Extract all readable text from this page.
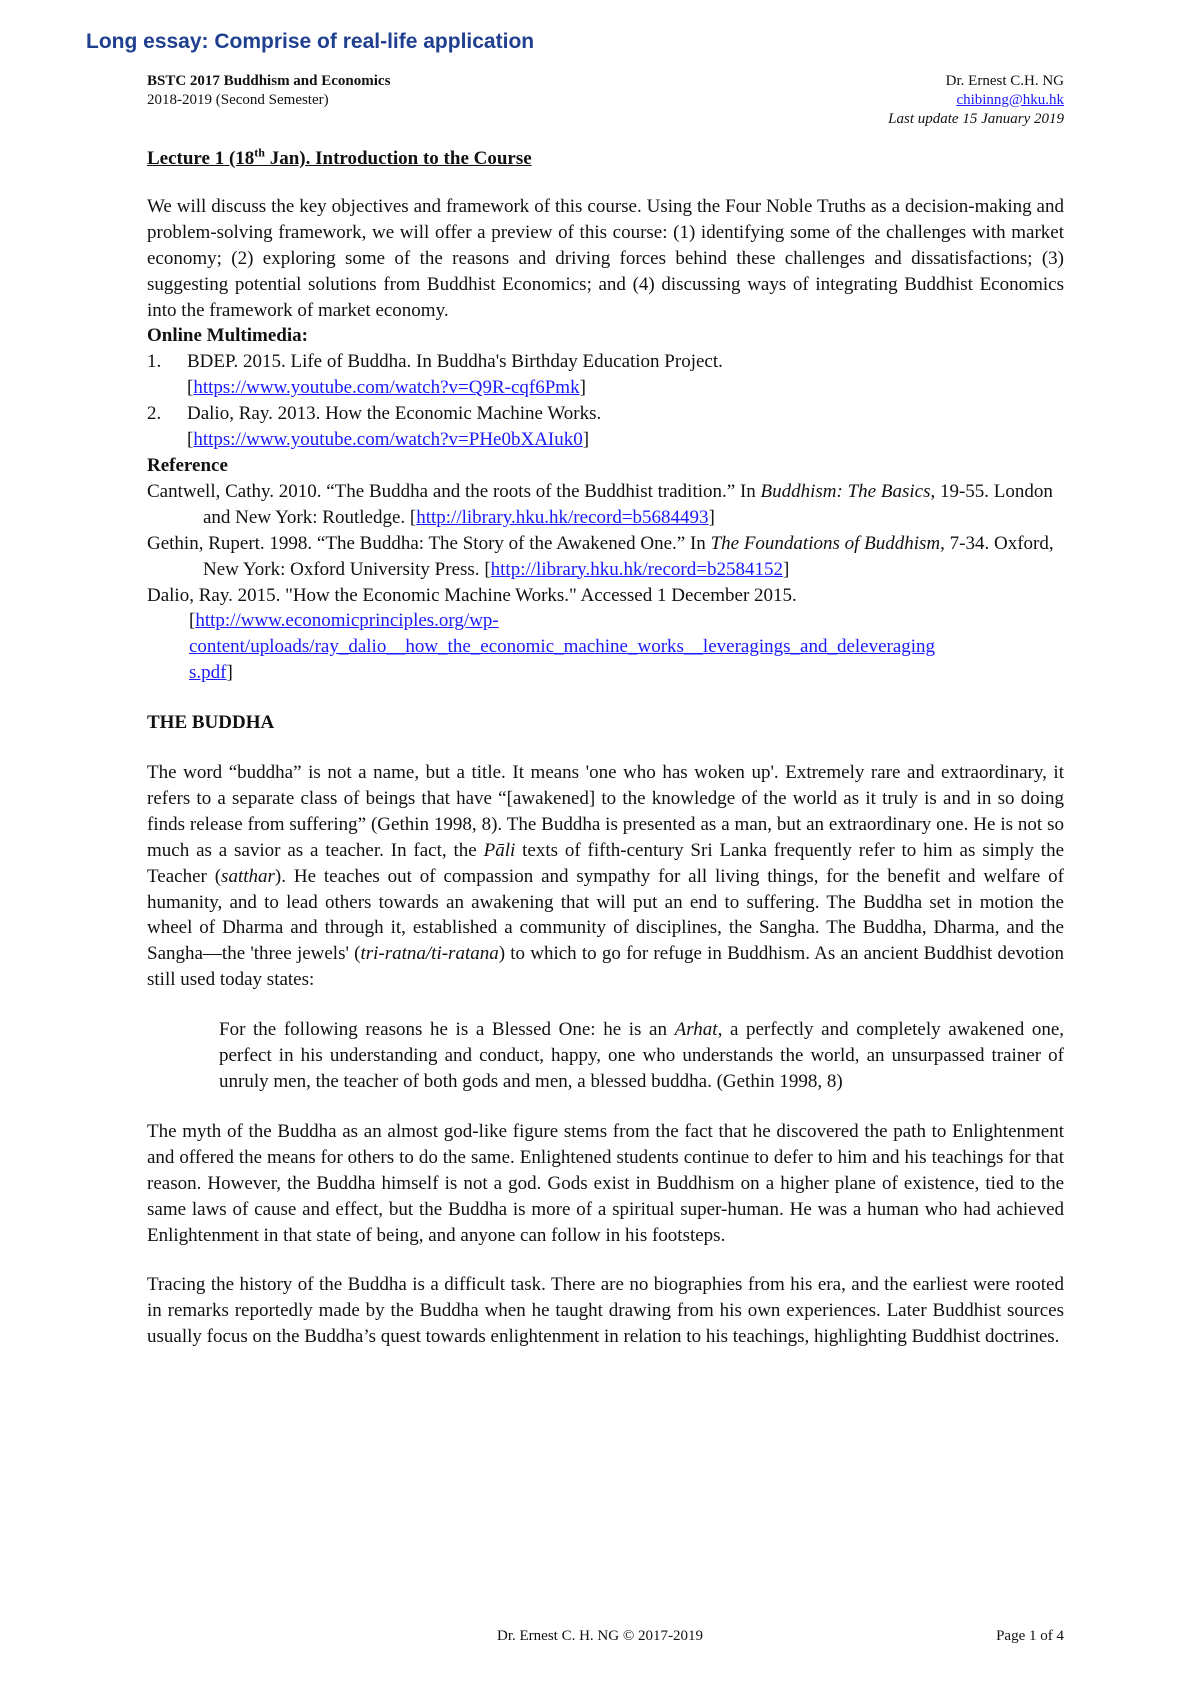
Long essay: Comprise of real-life application
BSTC 2017 Buddhism and Economics
2018-2019 (Second Semester)
Dr. Ernest C.H. NG
chibinng@hku.hk
Last update 15 January 2019
Lecture 1 (18th Jan). Introduction to the Course

We will discuss the key objectives and framework of this course. Using the Four Noble Truths as a decision-making and problem-solving framework, we will offer a preview of this course: (1) identifying some of the challenges with market economy; (2) exploring some of the reasons and driving forces behind these challenges and dissatisfactions; (3) suggesting potential solutions from Buddhist Economics; and (4) discussing ways of integrating Buddhist Economics into the framework of market economy.

Online Multimedia:
1. BDEP. 2015. Life of Buddha. In Buddha's Birthday Education Project.
[https://www.youtube.com/watch?v=Q9R-cqf6Pmk]
2. Dalio, Ray. 2013. How the Economic Machine Works.
[https://www.youtube.com/watch?v=PHe0bXAIuk0]
Reference
Cantwell, Cathy. 2010. “The Buddha and the roots of the Buddhist tradition.” In Buddhism: The Basics, 19-55. London and New York: Routledge. [http://library.hku.hk/record=b5684493]
Gethin, Rupert. 1998. “The Buddha: The Story of the Awakened One.” In The Foundations of Buddhism, 7-34. Oxford, New York: Oxford University Press. [http://library.hku.hk/record=b2584152]
Dalio, Ray. 2015. "How the Economic Machine Works." Accessed 1 December 2015.
[http://www.economicprinciples.org/wp-
content/uploads/ray_dalio__how_the_economic_machine_works__leveragings_and_deleveraging
s.pdf]
THE BUDDHA

The word “buddha” is not a name, but a title. It means 'one who has woken up'. Extremely rare and extraordinary, it refers to a separate class of beings that have “[awakened] to the knowledge of the world as it truly is and in so doing finds release from suffering” (Gethin 1998, 8). The Buddha is presented as a man, but an extraordinary one. He is not so much as a savior as a teacher. In fact, the Pāli texts of fifth-century Sri Lanka frequently refer to him as simply the Teacher (satthar). He teaches out of compassion and sympathy for all living things, for the benefit and welfare of humanity, and to lead others towards an awakening that will put an end to suffering. The Buddha set in motion the wheel of Dharma and through it, established a community of disciplines, the Sangha. The Buddha, Dharma, and the Sangha—the 'three jewels' (tri-ratna/ti-ratana) to which to go for refuge in Buddhism. As an ancient Buddhist devotion still used today states:

For the following reasons he is a Blessed One: he is an Arhat, a perfectly and completely awakened one, perfect in his understanding and conduct, happy, one who understands the world, an unsurpassed trainer of unruly men, the teacher of both gods and men, a blessed buddha. (Gethin 1998, 8)

The myth of the Buddha as an almost god-like figure stems from the fact that he discovered the path to Enlightenment and offered the means for others to do the same. Enlightened students continue to defer to him and his teachings for that reason. However, the Buddha himself is not a god. Gods exist in Buddhism on a higher plane of existence, tied to the same laws of cause and effect, but the Buddha is more of a spiritual super-human. He was a human who had achieved Enlightenment in that state of being, and anyone can follow in his footsteps.

Tracing the history of the Buddha is a difficult task. There are no biographies from his era, and the earliest were rooted in remarks reportedly made by the Buddha when he taught drawing from his own experiences. Later Buddhist sources usually focus on the Buddha’s quest towards enlightenment in relation to his teachings, highlighting Buddhist doctrines.

Dr. Ernest C. H. NG © 2017-2019	Page 1 of 4
